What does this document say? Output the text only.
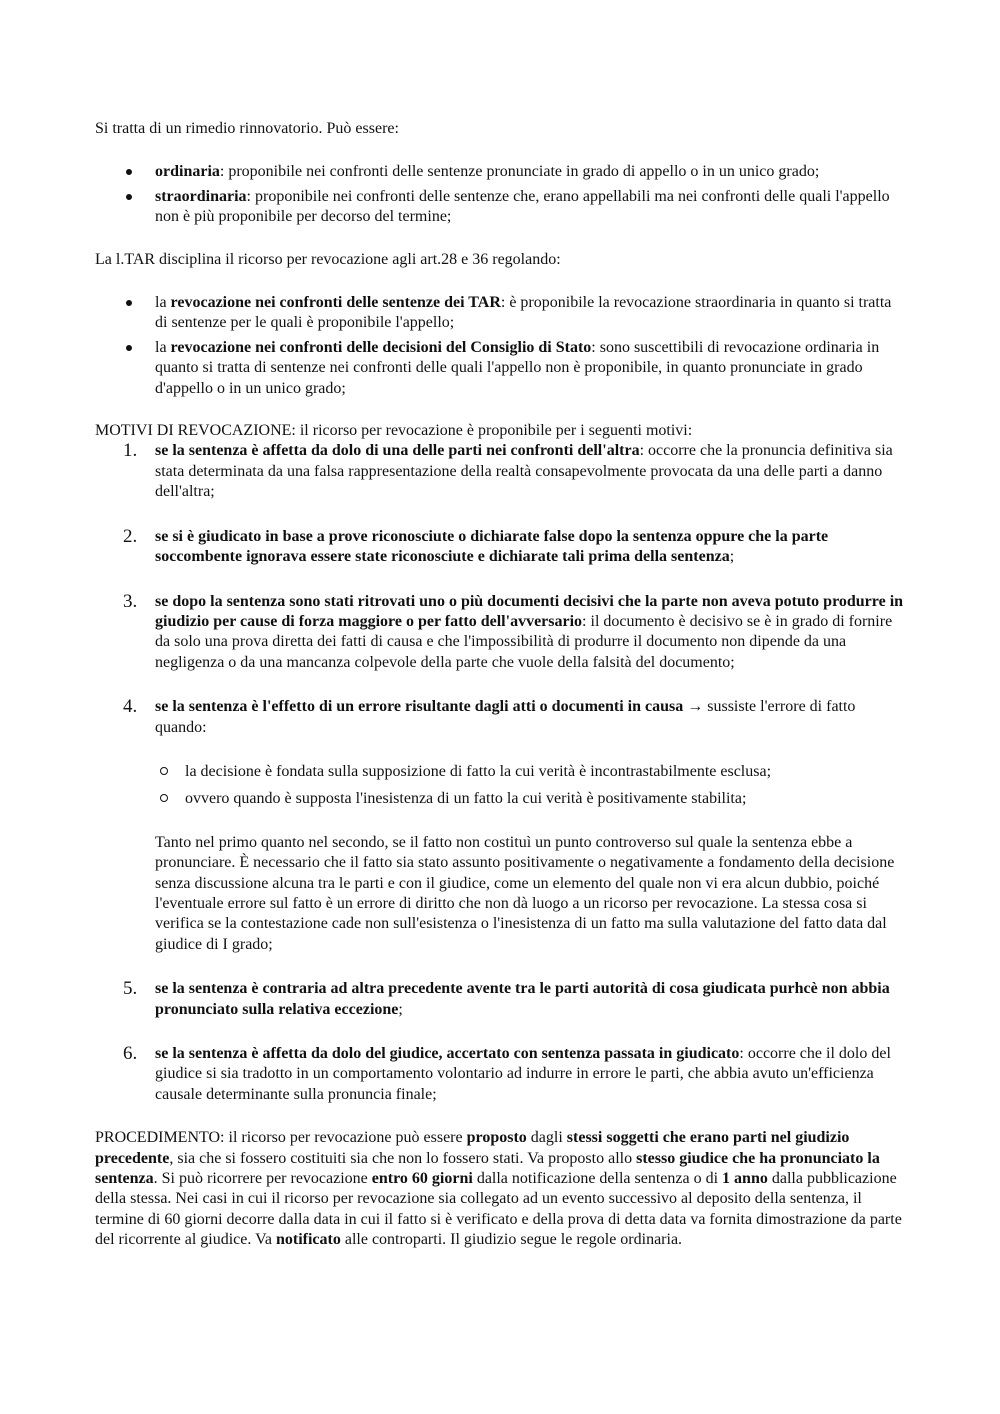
Si tratta di un rimedio rinnovatorio. Può essere:

ordinaria: proponibile nei confronti delle sentenze pronunciate in grado di appello o in un unico grado;
straordinaria: proponibile nei confronti delle sentenze che, erano appellabili ma nei confronti delle quali l'appello non è più proponibile per decorso del termine;

La l.TAR disciplina il ricorso per revocazione agli art.28 e 36 regolando:

la revocazione nei confronti delle sentenze dei TAR: è proponibile la revocazione straordinaria in quanto si tratta di sentenze per le quali è proponibile l'appello;
la revocazione nei confronti delle decisioni del Consiglio di Stato: sono suscettibili di revocazione ordinaria in quanto si tratta di sentenze nei confronti delle quali l'appello non è proponibile, in quanto pronunciate in grado d'appello o in un unico grado;

MOTIVI DI REVOCAZIONE: il ricorso per revocazione è proponibile per i seguenti motivi:

1. se la sentenza è affetta da dolo di una delle parti nei confronti dell'altra: occorre che la pronuncia definitiva sia stata determinata da una falsa rappresentazione della realtà consapevolmente provocata da una delle parti a danno dell'altra;
2. se si è giudicato in base a prove riconosciute o dichiarate false dopo la sentenza oppure che la parte soccombente ignorava essere state riconosciute e dichiarate tali prima della sentenza;
3. se dopo la sentenza sono stati ritrovati uno o più documenti decisivi che la parte non aveva potuto produrre in giudizio per cause di forza maggiore o per fatto dell'avversario: il documento è decisivo se è in grado di fornire da solo una prova diretta dei fatti di causa e che l'impossibilità di produrre il documento non dipende da una negligenza o da una mancanza colpevole della parte che vuole della falsità del documento;
4. se la sentenza è l'effetto di un errore risultante dagli atti o documenti in causa → sussiste l'errore di fatto quando:
la decisione è fondata sulla supposizione di fatto la cui verità è incontrastabilmente esclusa;
ovvero quando è supposta l'inesistenza di un fatto la cui verità è positivamente stabilita;

Tanto nel primo quanto nel secondo, se il fatto non costituì un punto controverso sul quale la sentenza ebbe a pronunciare. È necessario che il fatto sia stato assunto positivamente o negativamente a fondamento della decisione senza discussione alcuna tra le parti e con il giudice, come un elemento del quale non vi era alcun dubbio, poiché l'eventuale errore sul fatto è un errore di diritto che non dà luogo a un ricorso per revocazione. La stessa cosa si verifica se la contestazione cade non sull'esistenza o l'inesistenza di un fatto ma sulla valutazione del fatto data dal giudice di I grado;

5. se la sentenza è contraria ad altra precedente avente tra le parti autorità di cosa giudicata purhcè non abbia pronunciato sulla relativa eccezione;
6. se la sentenza è affetta da dolo del giudice, accertato con sentenza passata in giudicato: occorre che il dolo del giudice si sia tradotto in un comportamento volontario ad indurre in errore le parti, che abbia avuto un'efficienza causale determinante sulla pronuncia finale;

PROCEDIMENTO: il ricorso per revocazione può essere proposto dagli stessi soggetti che erano parti nel giudizio precedente, sia che si fossero costituiti sia che non lo fossero stati. Va proposto allo stesso giudice che ha pronunciato la sentenza. Si può ricorrere per revocazione entro 60 giorni dalla notificazione della sentenza o di 1 anno dalla pubblicazione della stessa. Nei casi in cui il ricorso per revocazione sia collegato ad un evento successivo al deposito della sentenza, il termine di 60 giorni decorre dalla data in cui il fatto si è verificato e della prova di detta data va fornita dimostrazione da parte del ricorrente al giudice. Va notificato alle controparti. Il giudizio segue le regole ordinaria.
